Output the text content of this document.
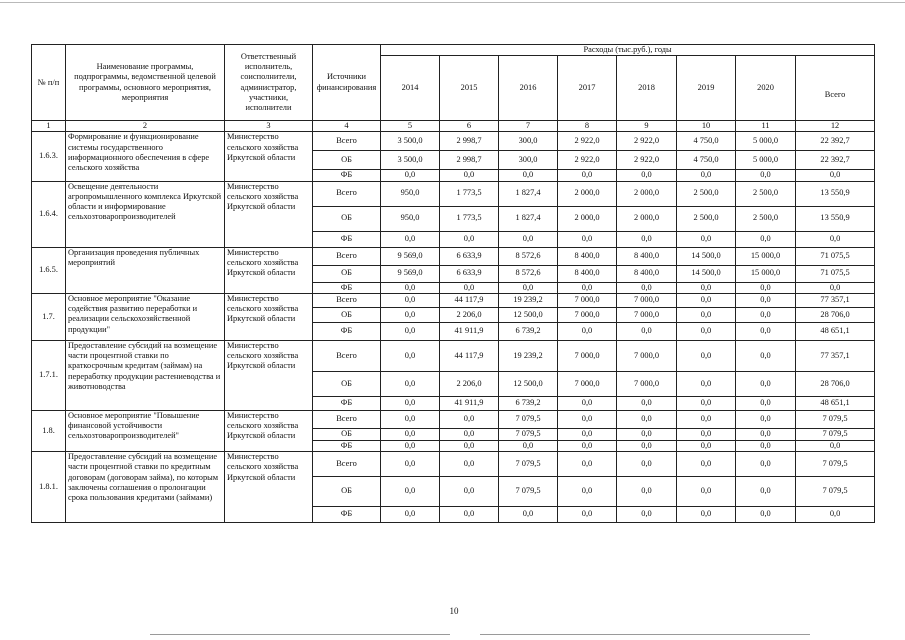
№ п/п	Наименование программы, подпрограммы, ведомственной целевой программы, основного мероприятия, мероприятия	Ответственный исполнитель, соисполнители, администратор, участники, исполнители	Источники финансирования	Расходы (тыс.руб.), годы							
				2014	2015	2016	2017	2018	2019	2020	Всего
1	2	3	4	5	6	7	8	9	10	11	12
1.6.3.	Формирование и функционирование системы государственного информационного обеспечения в сфере сельского хозяйства	Министерство сельского хозяйства Иркутской области	Всего	3 500,0	2 998,7	300,0	2 922,0	2 922,0	4 750,0	5 000,0	22 392,7
			ОБ	3 500,0	2 998,7	300,0	2 922,0	2 922,0	4 750,0	5 000,0	22 392,7
			ФБ	0,0	0,0	0,0	0,0	0,0	0,0	0,0	0,0
1.6.4.	Освещение деятельности агропромышленного комплекса Иркутской области и информирование сельхозтоваропроизводителей	Министерство сельского хозяйства Иркутской области	Всего	950,0	1 773,5	1 827,4	2 000,0	2 000,0	2 500,0	2 500,0	13 550,9
			ОБ	950,0	1 773,5	1 827,4	2 000,0	2 000,0	2 500,0	2 500,0	13 550,9
			ФБ	0,0	0,0	0,0	0,0	0,0	0,0	0,0	0,0
1.6.5.	Организация проведения публичных мероприятий	Министерство сельского хозяйства Иркутской области	Всего	9 569,0	6 633,9	8 572,6	8 400,0	8 400,0	14 500,0	15 000,0	71 075,5
			ОБ	9 569,0	6 633,9	8 572,6	8 400,0	8 400,0	14 500,0	15 000,0	71 075,5
			ФБ	0,0	0,0	0,0	0,0	0,0	0,0	0,0	0,0
1.7.	Основное мероприятие "Оказание содействия развитию переработки и реализации сельскохозяйственной продукции"	Министерство сельского хозяйства Иркутской области	Всего	0,0	44 117,9	19 239,2	7 000,0	7 000,0	0,0	0,0	77 357,1
			ОБ	0,0	2 206,0	12 500,0	7 000,0	7 000,0	0,0	0,0	28 706,0
			ФБ	0,0	41 911,9	6 739,2	0,0	0,0	0,0	0,0	48 651,1
1.7.1.	Предоставление субсидий на возмещение части процентной ставки по краткосрочным кредитам (займам) на переработку продукции растениеводства и животноводства	Министерство сельского хозяйства Иркутской области	Всего	0,0	44 117,9	19 239,2	7 000,0	7 000,0	0,0	0,0	77 357,1
			ОБ	0,0	2 206,0	12 500,0	7 000,0	7 000,0	0,0	0,0	28 706,0
			ФБ	0,0	41 911,9	6 739,2	0,0	0,0	0,0	0,0	48 651,1
1.8.	Основное мероприятие "Повышение финансовой устойчивости сельхозтоваропроизводителей"	Министерство сельского хозяйства Иркутской области	Всего	0,0	0,0	7 079,5	0,0	0,0	0,0	0,0	7 079,5
			ОБ	0,0	0,0	7 079,5	0,0	0,0	0,0	0,0	7 079,5
			ФБ	0,0	0,0	0,0	0,0	0,0	0,0	0,0	0,0
1.8.1.	Предоставление субсидий на возмещение части процентной ставки по кредитным договорам (договорам займа), по которым заключены соглашения о пролонгации срока пользования кредитами (займами)	Министерство сельского хозяйства Иркутской области	Всего	0,0	0,0	7 079,5	0,0	0,0	0,0	0,0	7 079,5
			ОБ	0,0	0,0	7 079,5	0,0	0,0	0,0	0,0	7 079,5
			ФБ	0,0	0,0	0,0	0,0	0,0	0,0	0,0	0,0
10
